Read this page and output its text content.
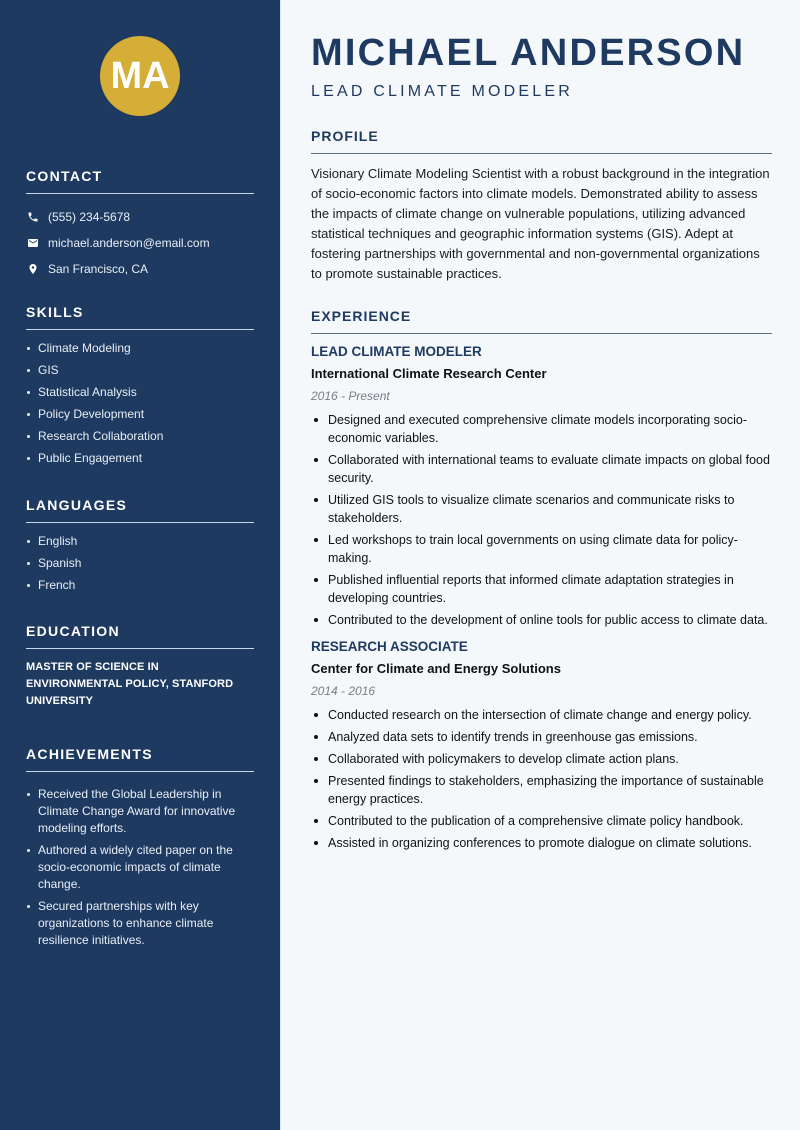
MA
CONTACT
(555) 234-5678
michael.anderson@email.com
San Francisco, CA
SKILLS
Climate Modeling
GIS
Statistical Analysis
Policy Development
Research Collaboration
Public Engagement
LANGUAGES
English
Spanish
French
EDUCATION

MASTER OF SCIENCE IN ENVIRONMENTAL POLICY, STANFORD UNIVERSITY

ACHIEVEMENTS
Received the Global Leadership in Climate Change Award for innovative modeling efforts.
Authored a widely cited paper on the socio-economic impacts of climate change.
Secured partnerships with key organizations to enhance climate resilience initiatives.
MICHAEL ANDERSON
LEAD CLIMATE MODELER
PROFILE

Visionary Climate Modeling Scientist with a robust background in the integration of socio-economic factors into climate models. Demonstrated ability to assess the impacts of climate change on vulnerable populations, utilizing advanced statistical techniques and geographic information systems (GIS). Adept at fostering partnerships with governmental and non-governmental organizations to promote sustainable practices.

EXPERIENCE
LEAD CLIMATE MODELER
International Climate Research Center
2016 - Present
Designed and executed comprehensive climate models incorporating socio-economic variables.
Collaborated with international teams to evaluate climate impacts on global food security.
Utilized GIS tools to visualize climate scenarios and communicate risks to stakeholders.
Led workshops to train local governments on using climate data for policy-making.
Published influential reports that informed climate adaptation strategies in developing countries.
Contributed to the development of online tools for public access to climate data.
RESEARCH ASSOCIATE
Center for Climate and Energy Solutions
2014 - 2016
Conducted research on the intersection of climate change and energy policy.
Analyzed data sets to identify trends in greenhouse gas emissions.
Collaborated with policymakers to develop climate action plans.
Presented findings to stakeholders, emphasizing the importance of sustainable energy practices.
Contributed to the publication of a comprehensive climate policy handbook.
Assisted in organizing conferences to promote dialogue on climate solutions.
